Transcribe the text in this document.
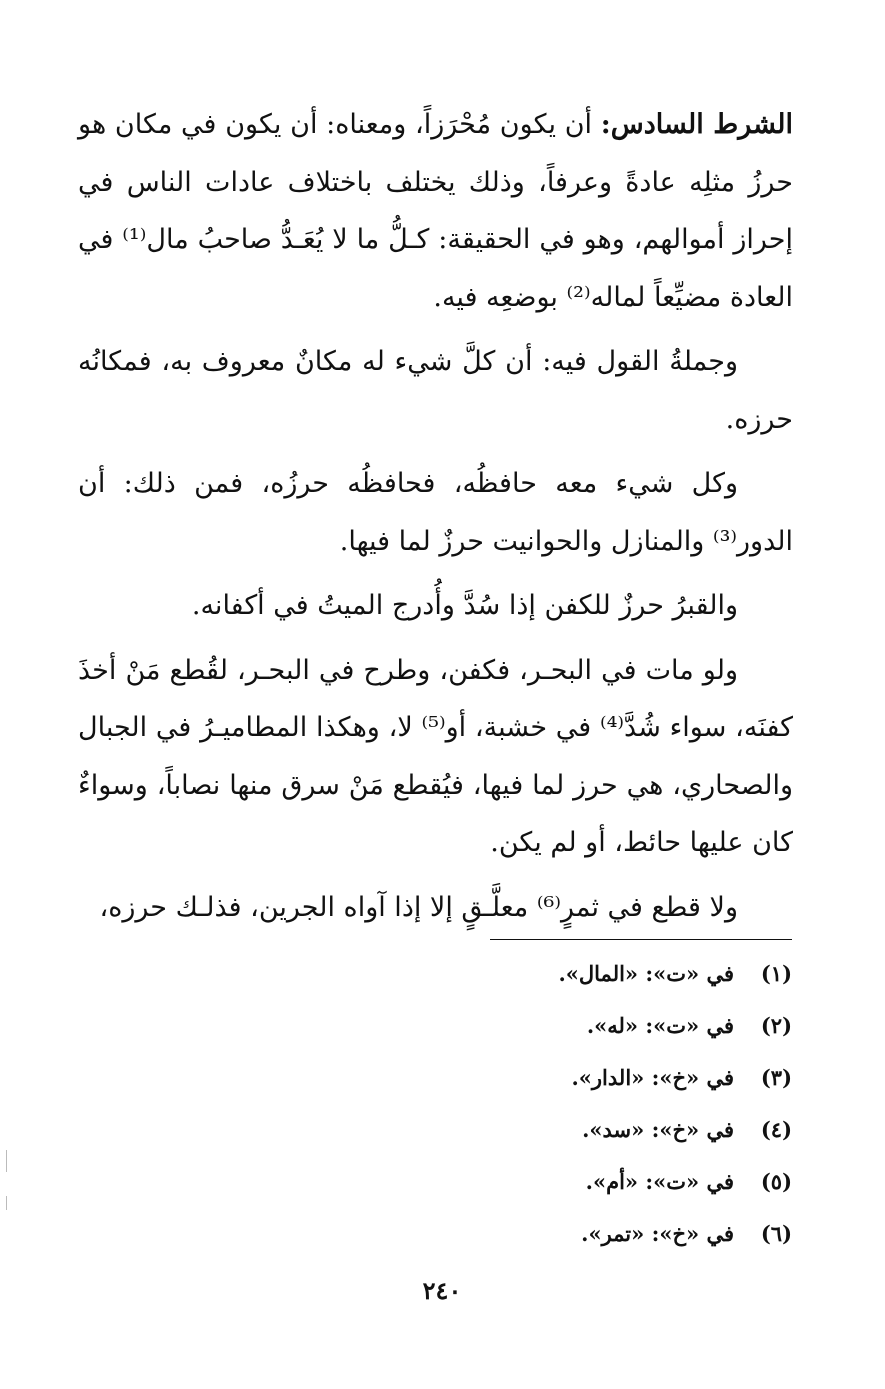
الشرط السادس: أن يكون مُحْرَزاً، ومعناه: أن يكون في مكان هو حرزُ مثلِه عادةً وعرفاً، وذلك يختلف باختلاف عادات الناس في إحراز أموالهم، وهو في الحقيقة: كـلُّ ما لا يُعَـدُّ صاحبُ مال⁽¹⁾ في العادة مضيِّعاً لماله⁽²⁾ بوضعِه فيه.

وجملةُ القول فيه: أن كلَّ شيء له مكانٌ معروف به، فمكانُه حرزه.

وكل شيء معه حافظُه، فحافظُه حرزُه، فمن ذلك: أن الدور⁽³⁾ والمنازل والحوانيت حرزٌ لما فيها.

والقبرُ حرزٌ للكفن إذا سُدَّ وأُدرج الميتُ في أكفانه.

ولو مات في البحـر، فكفن، وطرح في البحـر، لقُطع مَنْ أخذَ كفنَه، سواء شُدَّ⁽⁴⁾ في خشبة، أو⁽⁵⁾ لا، وهكذا المطاميـرُ في الجبال والصحاري، هي حرز لما فيها، فيُقطع مَنْ سرق منها نصاباً، وسواءٌ كان عليها حائط، أو لم يكن.

ولا قطع في ثمرٍ⁽⁶⁾ معلَّـقٍ إلا إذا آواه الجرين، فذلـك حرزه،

(١)في «ت»: «المال».
(٢)في «ت»: «له».
(٣)في «خ»: «الدار».
(٤)في «خ»: «سد».
(٥)في «ت»: «أم».
(٦)في «خ»: «تمر».
٢٤٠
